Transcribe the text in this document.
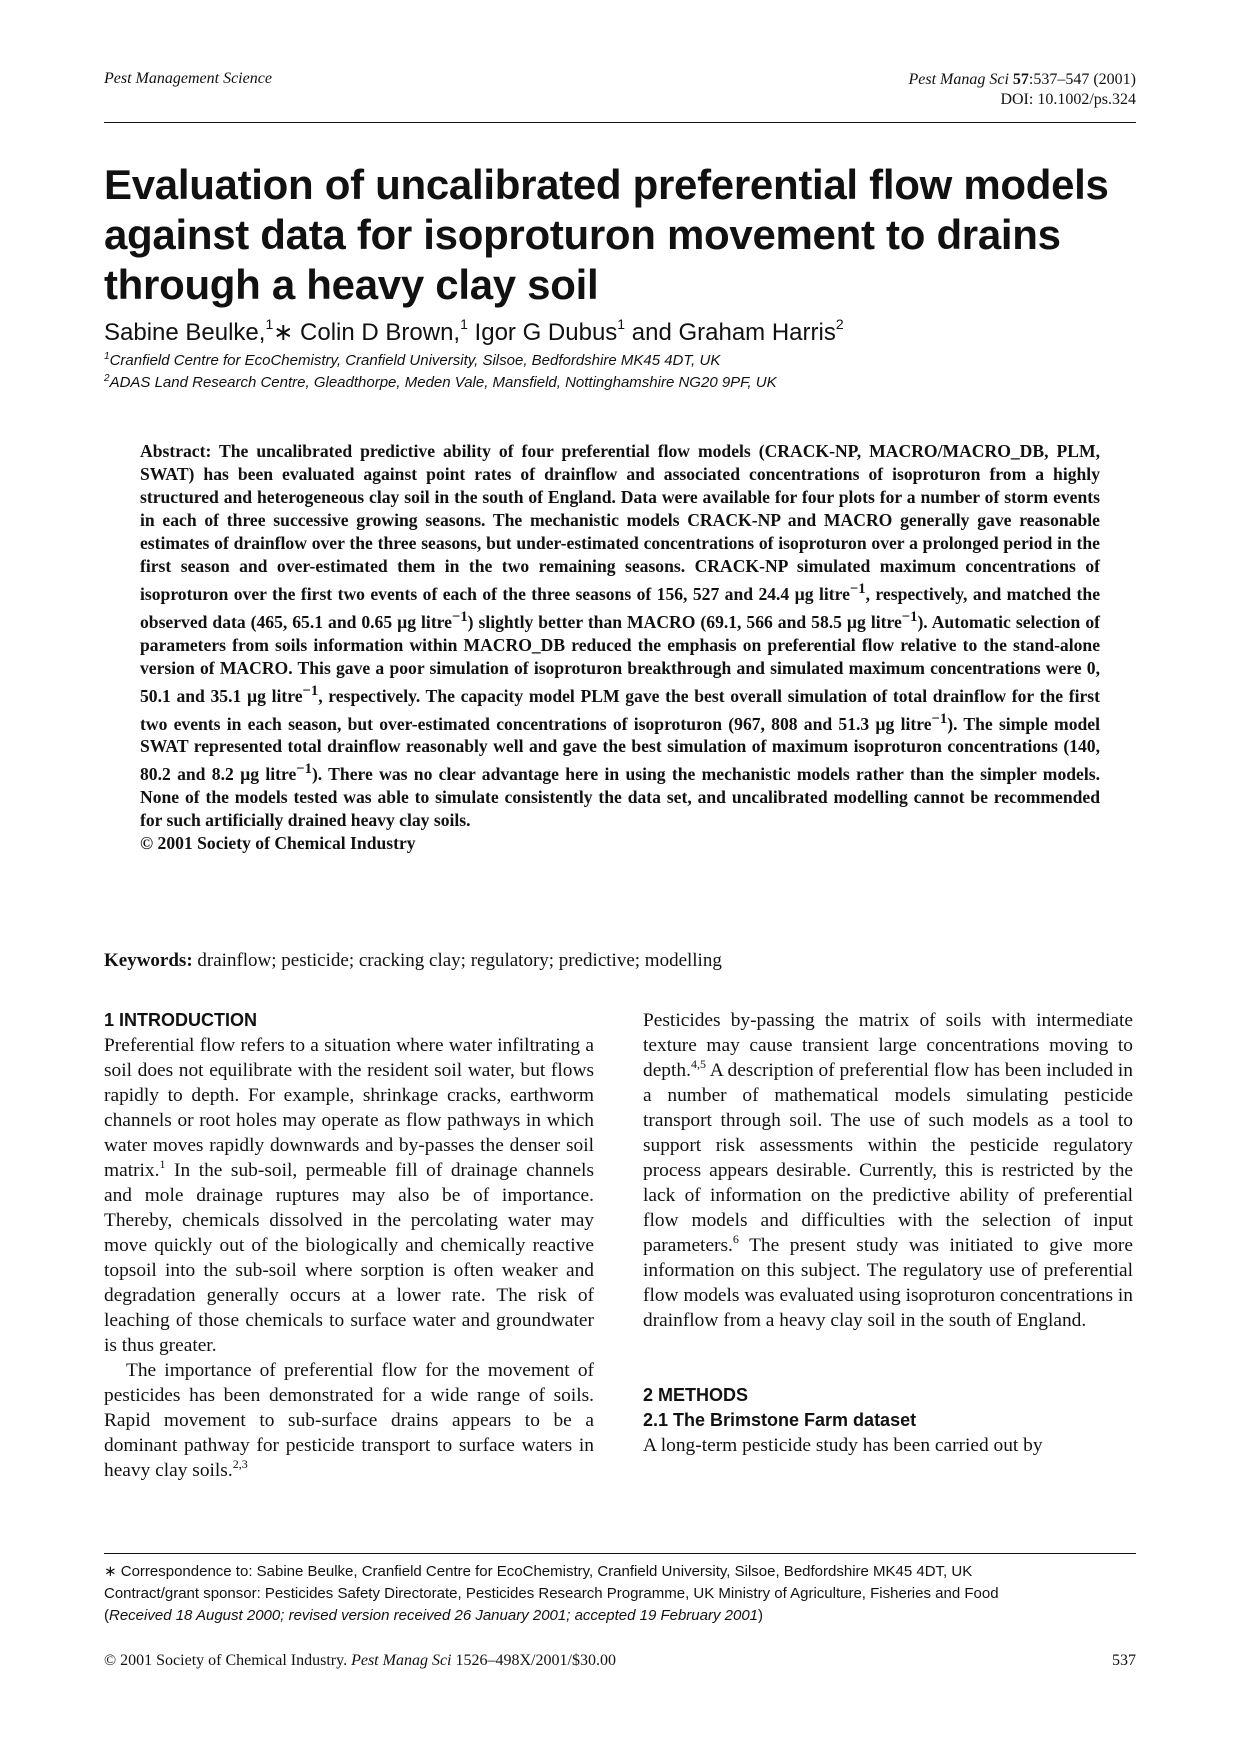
Pest Management Science	Pest Manag Sci 57:537–547 (2001)
DOI: 10.1002/ps.324
Evaluation of uncalibrated preferential flow models against data for isoproturon movement to drains through a heavy clay soil
Sabine Beulke,$^1$∗ Colin D Brown,$^1$ Igor G Dubus$^1$ and Graham Harris$^2$
$^1$Cranfield Centre for EcoChemistry, Cranfield University, Silsoe, Bedfordshire MK45 4DT, UK
$^2$ADAS Land Research Centre, Gleadthorpe, Meden Vale, Mansfield, Nottinghamshire NG20 9PF, UK
Abstract: The uncalibrated predictive ability of four preferential flow models (CRACK-NP, MACRO/MACRO_DB, PLM, SWAT) has been evaluated against point rates of drainflow and associated concentrations of isoproturon from a highly structured and heterogeneous clay soil in the south of England. Data were available for four plots for a number of storm events in each of three successive growing seasons. The mechanistic models CRACK-NP and MACRO generally gave reasonable estimates of drainflow over the three seasons, but under-estimated concentrations of isoproturon over a prolonged period in the first season and over-estimated them in the two remaining seasons. CRACK-NP simulated maximum concentrations of isoproturon over the first two events of each of the three seasons of 156, 527 and 24.4 µg litre$^{-1}$, respectively, and matched the observed data (465, 65.1 and 0.65 µg litre$^{-1}$) slightly better than MACRO (69.1, 566 and 58.5 µg litre$^{-1}$). Automatic selection of parameters from soils information within MACRO_DB reduced the emphasis on preferential flow relative to the stand-alone version of MACRO. This gave a poor simulation of isoproturon breakthrough and simulated maximum concentrations were 0, 50.1 and 35.1 µg litre$^{-1}$, respectively. The capacity model PLM gave the best overall simulation of total drainflow for the first two events in each season, but over-estimated concentrations of isoproturon (967, 808 and 51.3 µg litre$^{-1}$). The simple model SWAT represented total drainflow reasonably well and gave the best simulation of maximum isoproturon concentrations (140, 80.2 and 8.2 µg litre$^{-1}$). There was no clear advantage here in using the mechanistic models rather than the simpler models. None of the models tested was able to simulate consistently the data set, and uncalibrated modelling cannot be recommended for such artificially drained heavy clay soils.
© 2001 Society of Chemical Industry
Keywords: drainflow; pesticide; cracking clay; regulatory; predictive; modelling
1 INTRODUCTION

Preferential flow refers to a situation where water infiltrating a soil does not equilibrate with the resident soil water, but flows rapidly to depth. For example, shrinkage cracks, earthworm channels or root holes may operate as flow pathways in which water moves rapidly downwards and by-passes the denser soil matrix.$^1$ In the sub-soil, permeable fill of drainage channels and mole drainage ruptures may also be of importance. Thereby, chemicals dissolved in the percolating water may move quickly out of the biologically and chemically reactive topsoil into the sub-soil where sorption is often weaker and degradation generally occurs at a lower rate. The risk of leaching of those chemicals to surface water and groundwater is thus greater.

The importance of preferential flow for the movement of pesticides has been demonstrated for a wide range of soils. Rapid movement to sub-surface drains appears to be a dominant pathway for pesticide transport to surface waters in heavy clay soils.$^{2,3}$

Pesticides by-passing the matrix of soils with intermediate texture may cause transient large concentrations moving to depth.$^{4,5}$ A description of preferential flow has been included in a number of mathematical models simulating pesticide transport through soil. The use of such models as a tool to support risk assessments within the pesticide regulatory process appears desirable. Currently, this is restricted by the lack of information on the predictive ability of preferential flow models and difficulties with the selection of input parameters.$^6$ The present study was initiated to give more information on this subject. The regulatory use of preferential flow models was evaluated using isoproturon concentrations in drainflow from a heavy clay soil in the south of England.

2 METHODS
2.1 The Brimstone Farm dataset

A long-term pesticide study has been carried out by

∗ Correspondence to: Sabine Beulke, Cranfield Centre for EcoChemistry, Cranfield University, Silsoe, Bedfordshire MK45 4DT, UK
Contract/grant sponsor: Pesticides Safety Directorate, Pesticides Research Programme, UK Ministry of Agriculture, Fisheries and Food
(Received 18 August 2000; revised version received 26 January 2001; accepted 19 February 2001)
© 2001 Society of Chemical Industry. Pest Manag Sci 1526–498X/2001/$30.00	537
